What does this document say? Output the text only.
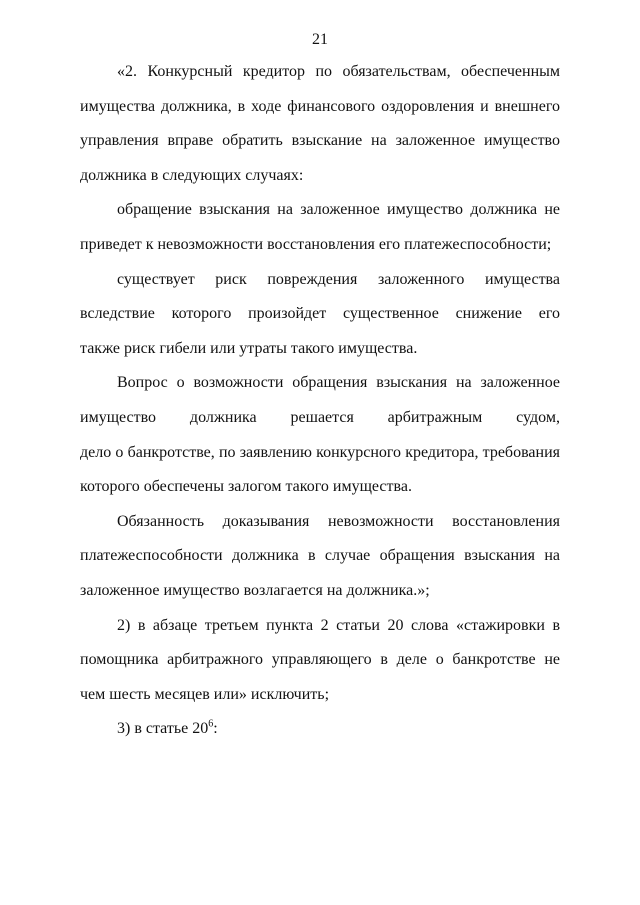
21
«2. Конкурсный кредитор по обязательствам, обеспеченным
имущества должника, в ходе финансового оздоровления и внешнего
управления вправе обратить взыскание на заложенное имущество
должника в следующих случаях:
обращение взыскания на заложенное имущество должника не
приведет к невозможности восстановления его платежеспособности;
существует риск повреждения заложенного имущества
вследствие которого произойдет существенное снижение его
также риск гибели или утраты такого имущества.
Вопрос о возможности обращения взыскания на заложенное
имущество должника решается арбитражным судом,
дело о банкротстве, по заявлению конкурсного кредитора, требования
которого обеспечены залогом такого имущества.
Обязанность доказывания невозможности восстановления
платежеспособности должника в случае обращения взыскания на
заложенное имущество возлагается на должника.»;
2) в абзаце третьем пункта 2 статьи 20 слова «стажировки в
помощника арбитражного управляющего в деле о банкротстве не
чем шесть месяцев или» исключить;
3) в статье $20^6$:
